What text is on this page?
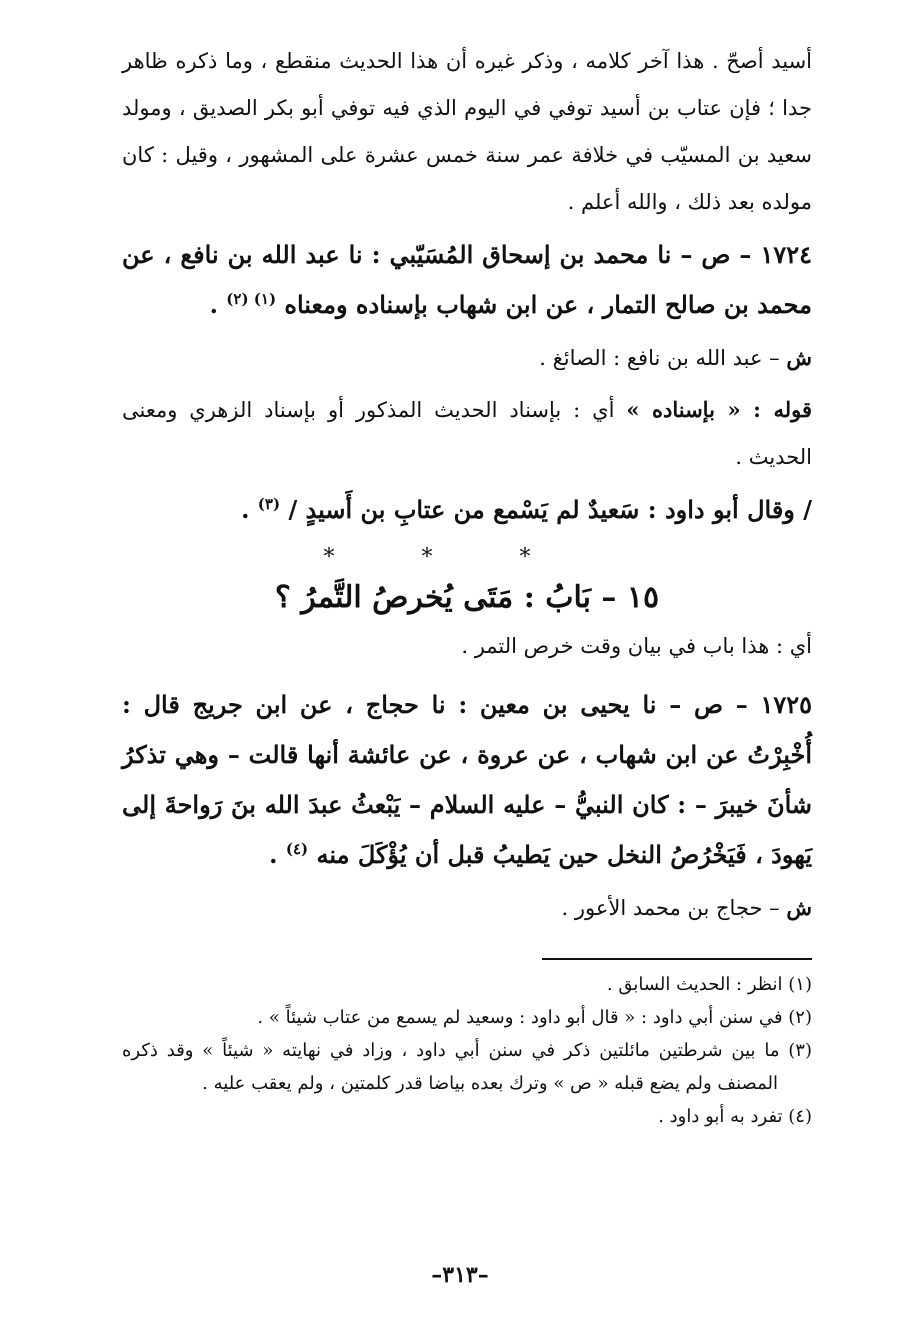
أسيد أصحّ . هذا آخر كلامه ، وذكر غيره أن هذا الحديث منقطع ، وما ذكره ظاهر جدا ؛ فإن عتاب بن أسيد توفي في اليوم الذي فيه توفي أبو بكر الصديق ، ومولد سعيد بن المسيّب في خلافة عمر سنة خمس عشرة على المشهور ، وقيل : كان مولده بعد ذلك ، والله أعلم .

١٧٢٤ – ص – نا محمد بن إسحاق المُسَيّبي : نا عبد الله بن نافع ، عن محمد بن صالح التمار ، عن ابن شهاب بإسناده ومعناه $^{(١) (٢)}$ .

ش – عبد الله بن نافع : الصائغ .

قوله : « بإسناده » أي : بإسناد الحديث المذكور أو بإسناد الزهري ومعنى الحديث .

/ وقال أبو داود : سَعيدٌ لم يَسْمع من عتابِ بن أَسيدٍ / $^{(٣)}$ .

* * *

١٥ – بَابُ : مَتَى يُخرصُ التَّمرُ ؟

أي : هذا باب في بيان وقت خرص التمر .

١٧٢٥ – ص – نا يحيى بن معين : نا حجاج ، عن ابن جريج قال : أُخْبِرْتُ عن ابن شهاب ، عن عروة ، عن عائشة أنها قالت – وهي تذكرُ شأنَ خيبرَ – : كان النبيُّ – عليه السلام – يَبْعثُ عبدَ الله بنَ رَواحةَ إلى يَهودَ ، فَيَخْرُصُ النخل حين يَطيبُ قبل أن يُؤْكَلَ منه $^{(٤)}$ .

ش – حجاج بن محمد الأعور .

(١) انظر : الحديث السابق .

(٢) في سنن أبي داود : « قال أبو داود : وسعيد لم يسمع من عتاب شيئاً » .

(٣) ما بين شرطتين مائلتين ذكر في سنن أبي داود ، وزاد في نهايته « شيئاً » وقد ذكره المصنف ولم يضع قبله « ص » وترك بعده بياضا قدر كلمتين ، ولم يعقب عليه .

(٤) تفرد به أبو داود .

–٣١٣–
